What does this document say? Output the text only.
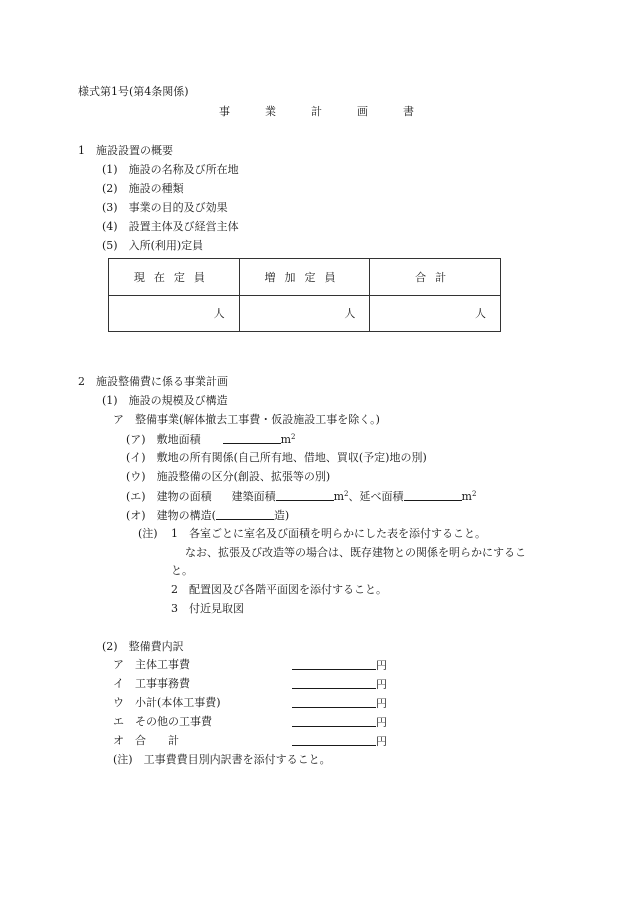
様式第1号(第4条関係)
事	業	計	画	書
1　施設設置の概要
(1)　施設の名称及び所在地
(2)　施設の種類
(3)　事業の目的及び効果
(4)　設置主体及び経営主体
(5)　入所(利用)定員
現在定員	増加定員	合計
人	人	人
2　施設整備費に係る事業計画
(1)　施設の規模及び構造
ア　整備事業(解体撤去工事費・仮設施設工事を除く。)
(ア)　敷地面積	$m^2$
(イ)　敷地の所有関係(自己所有地、借地、買収(予定)地の別)
(ウ)　施設整備の区分(創設、拡張等の別)
(エ)　建物の面積 建築面積	$m^2$、延べ面積	$m^2$
(オ)　建物の構造(	造)
(注) 1　各室ごとに室名及び面積を明らかにした表を添付すること。
なお、拡張及び改造等の場合は、既存建物との関係を明らかにするこ
と。
2　配置図及び各階平面図を添付すること。
3　付近見取図
(2)　整備費内訳
ア　主体工事費	円
イ　工事事務費	円
ウ　小計(本体工事費)	円
エ　その他の工事費	円
オ　合　　計	円
(注)　工事費費目別内訳書を添付すること。
